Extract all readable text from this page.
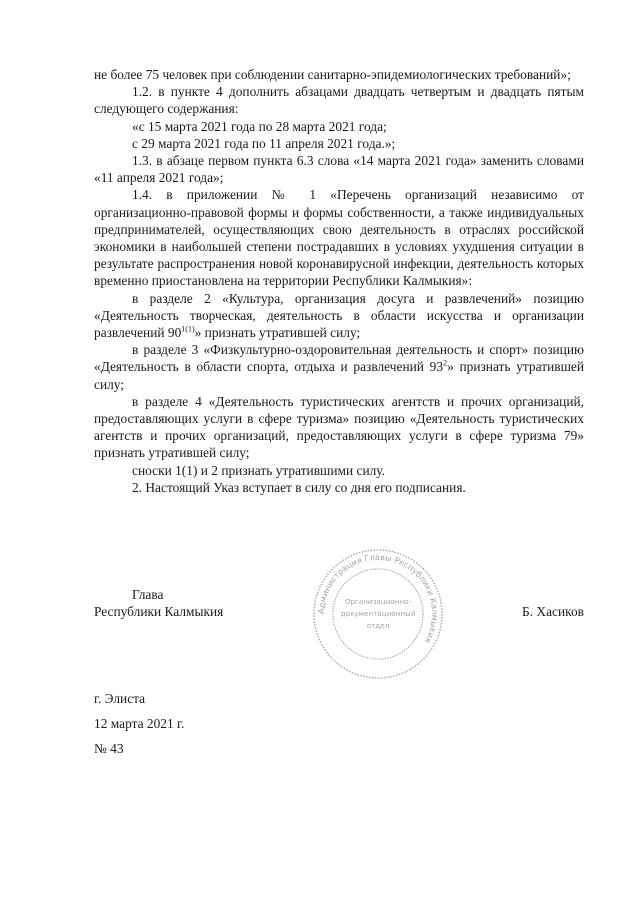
не более 75 человек при соблюдении санитарно-эпидемиологических требований»;

1.2. в пункте 4 дополнить абзацами двадцать четвертым и двадцать пятым следующего содержания:

«с 15 марта 2021 года по 28 марта 2021 года;

с 29 марта 2021 года по 11 апреля 2021 года.»;

1.3. в абзаце первом пункта 6.3 слова «14 марта 2021 года» заменить словами «11 апреля 2021 года»;

1.4. в приложении № 1 «Перечень организаций независимо от организационно-правовой формы и формы собственности, а также индивидуальных предпринимателей, осуществляющих свою деятельность в отраслях российской экономики в наибольшей степени пострадавших в условиях ухудшения ситуации в результате распространения новой коронавирусной инфекции, деятельность которых временно приостановлена на территории Республики Калмыкия»:

в разделе 2 «Культура, организация досуга и развлечений» позицию «Деятельность творческая, деятельность в области искусства и организации развлечений $90^{1(1)}$» признать утратившей силу;

в разделе 3 «Физкультурно-оздоровительная деятельность и спорт» позицию «Деятельность в области спорта, отдыха и развлечений $93^2$» признать утратившей силу;

в разделе 4 «Деятельность туристических агентств и прочих организаций, предоставляющих услуги в сфере туризма» позицию «Деятельность туристических агентств и прочих организаций, предоставляющих услуги в сфере туризма 79» признать утратившей силу;

сноски 1(1) и 2 признать утратившими силу.

2. Настоящий Указ вступает в силу со дня его подписания.

Администрация Главы Республики Калмыкия
Организационно-
документационный
отдел
Глава
Республики Калмыкия	Б. Хасиков
г. Элиста
12 марта 2021 г.
№ 43
